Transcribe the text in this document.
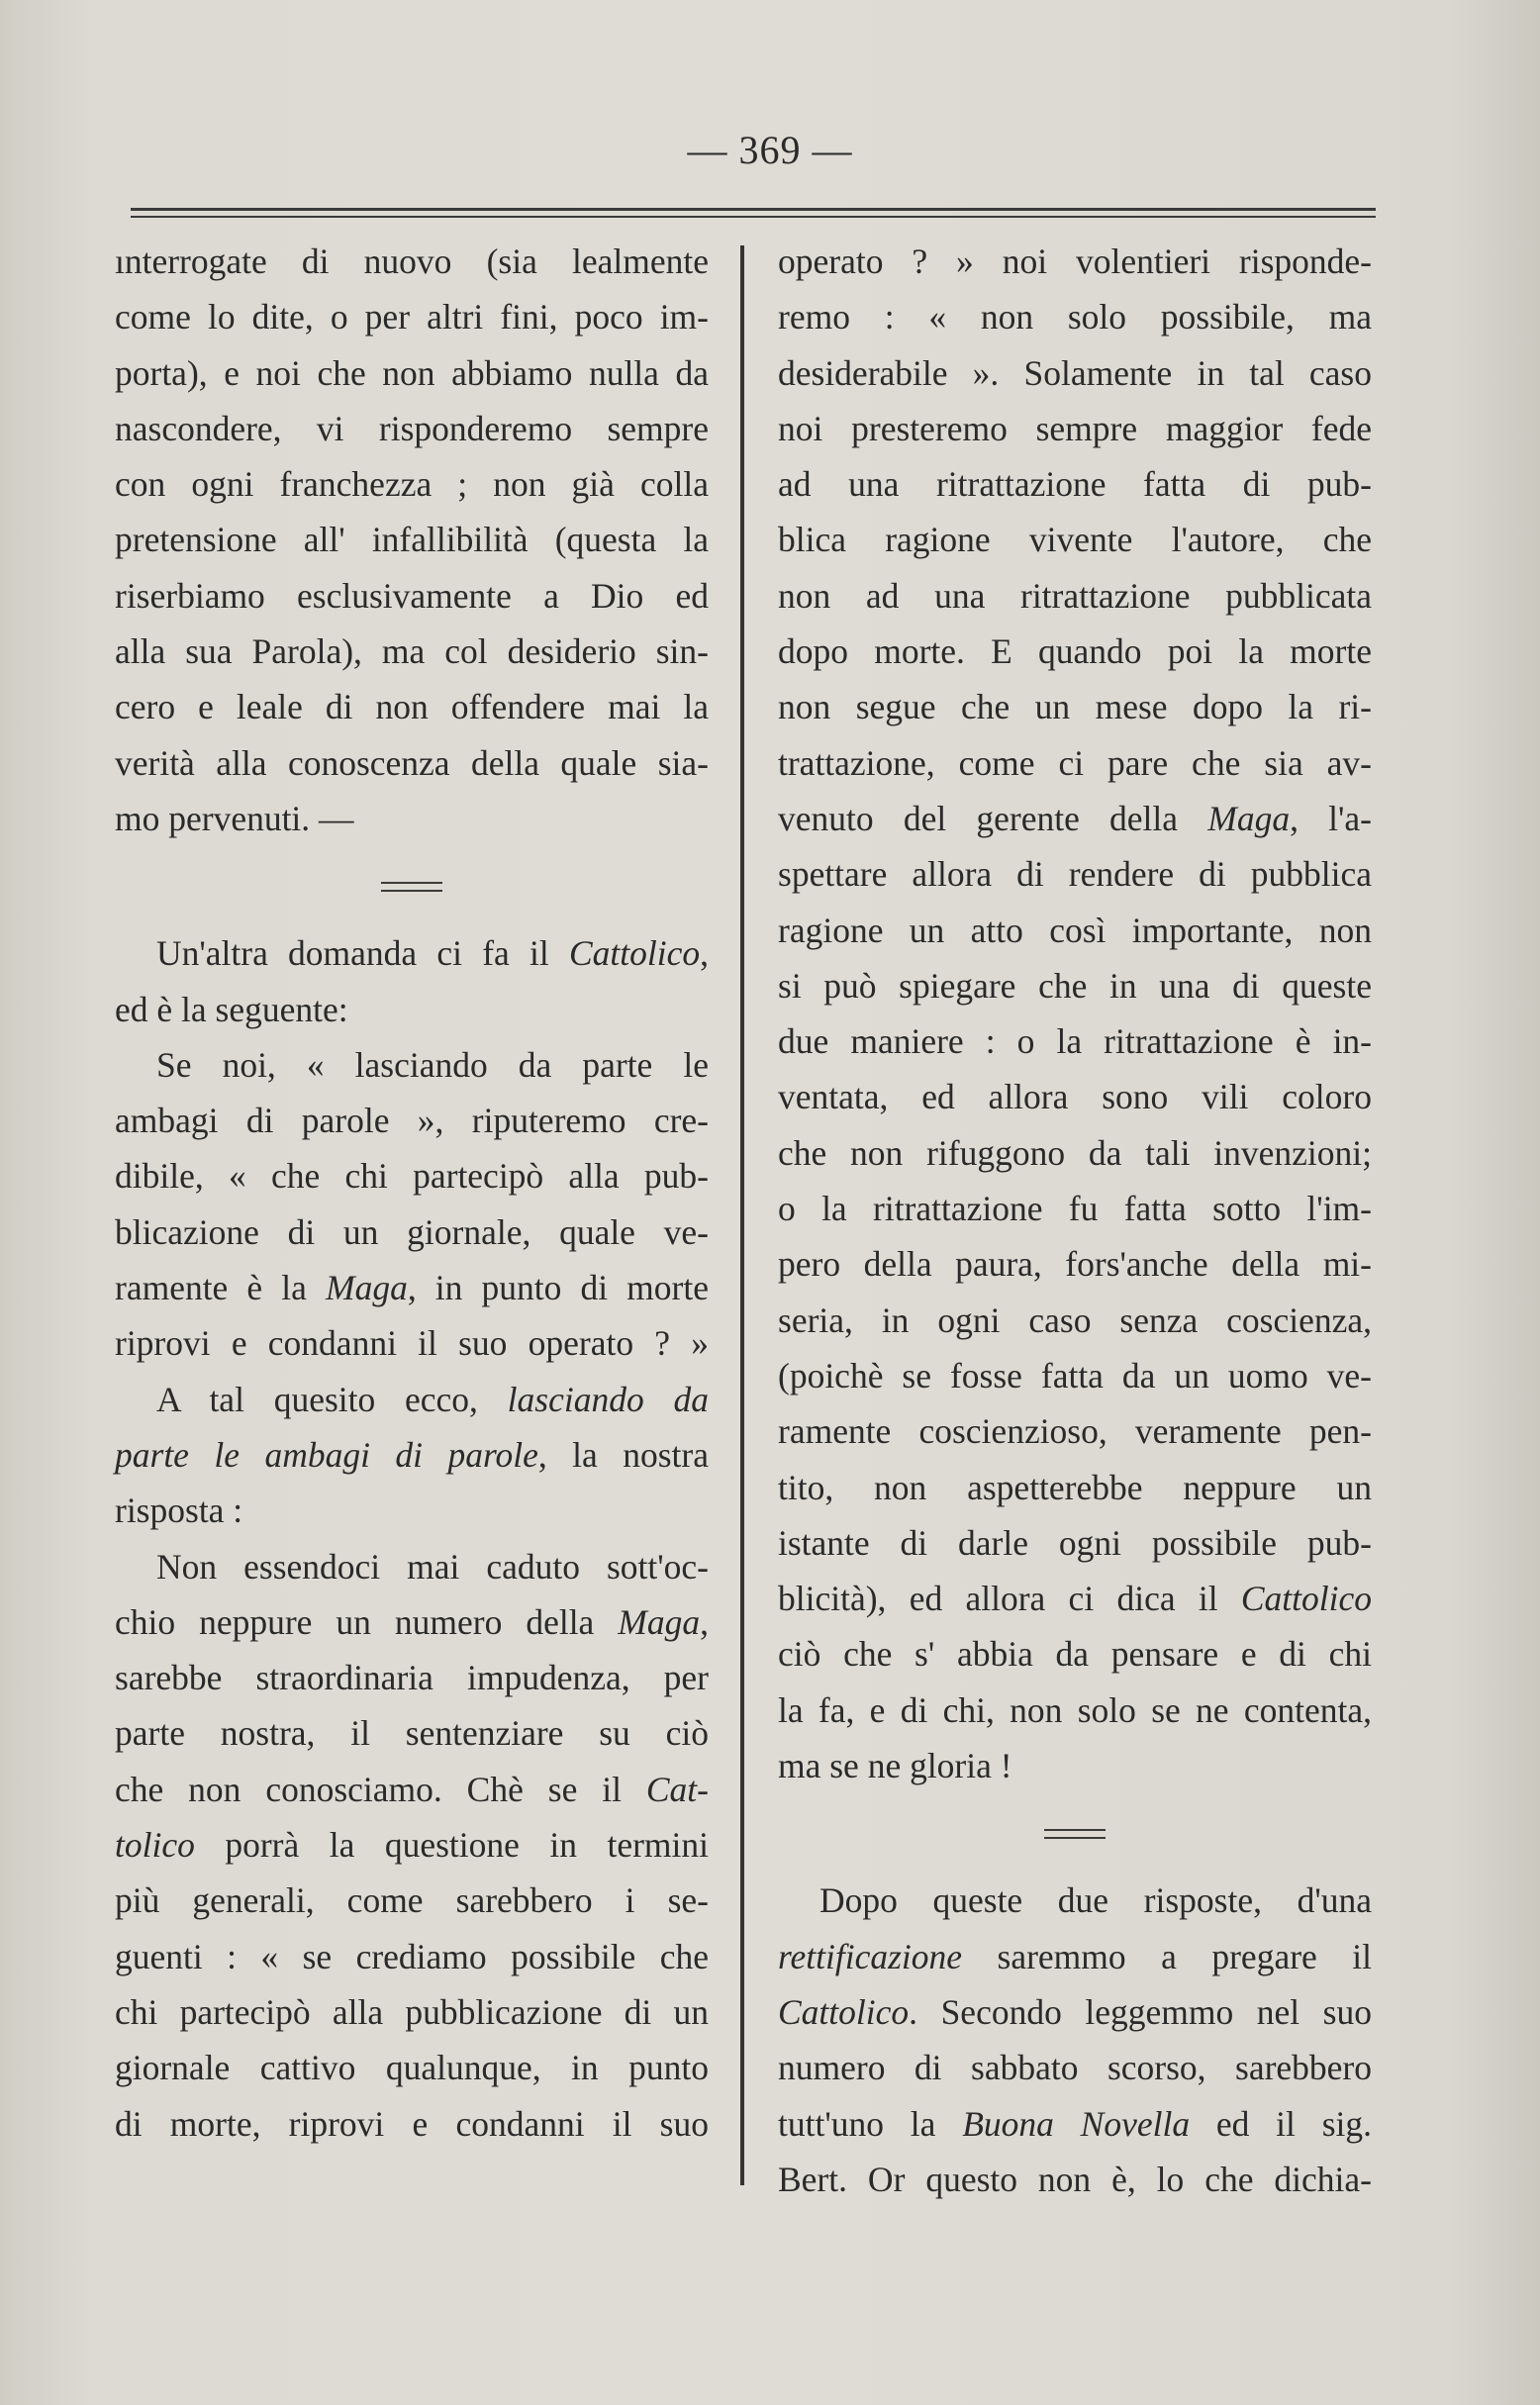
— 369 —
ınterrogate di nuovo (sia lealmente
come lo dite, o per altri fini, poco im-
porta), e noi che non abbiamo nulla da
nascondere, vi risponderemo sempre
con ogni franchezza ; non già colla
pretensione all' infallibilità (questa la
riserbiamo esclusivamente a Dio ed
alla sua Parola), ma col desiderio sin-
cero e leale di non offendere mai la
verità alla conoscenza della quale sia-
mo pervenuti. —
Un'altra domanda ci fa il Cattolico,
ed è la seguente:
Se noi, « lasciando da parte le
ambagi di parole », riputeremo cre-
dibile, « che chi partecipò alla pub-
blicazione di un giornale, quale ve-
ramente è la Maga, in punto di morte
riprovi e condanni il suo operato ? »
A tal quesito ecco, lasciando da
parte le ambagi di parole, la nostra
risposta :
Non essendoci mai caduto sott'oc-
chio neppure un numero della Maga,
sarebbe straordinaria impudenza, per
parte nostra, il sentenziare su ciò
che non conosciamo. Chè se il Cat-
tolico porrà la questione in termini
più generali, come sarebbero i se-
guenti : « se crediamo possibile che
chi partecipò alla pubblicazione di un
giornale cattivo qualunque, in punto
di morte, riprovi e condanni il suo
operato ? » noi volentieri risponde-
remo : « non solo possibile, ma
desiderabile ». Solamente in tal caso
noi presteremo sempre maggior fede
ad una ritrattazione fatta di pub-
blica ragione vivente l'autore, che
non ad una ritrattazione pubblicata
dopo morte. E quando poi la morte
non segue che un mese dopo la ri-
trattazione, come ci pare che sia av-
venuto del gerente della Maga, l'a-
spettare allora di rendere di pubblica
ragione un atto così importante, non
si può spiegare che in una di queste
due maniere : o la ritrattazione è in-
ventata, ed allora sono vili coloro
che non rifuggono da tali invenzioni;
o la ritrattazione fu fatta sotto l'im-
pero della paura, fors'anche della mi-
seria, in ogni caso senza coscienza,
(poichè se fosse fatta da un uomo ve-
ramente coscienzioso, veramente pen-
tito, non aspetterebbe neppure un
istante di darle ogni possibile pub-
blicità), ed allora ci dica il Cattolico
ciò che s' abbia da pensare e di chi
la fa, e di chi, non solo se ne contenta,
ma se ne gloria !
Dopo queste due risposte, d'una
rettificazione saremmo a pregare il
Cattolico. Secondo leggemmo nel suo
numero di sabbato scorso, sarebbero
tutt'uno la Buona Novella ed il sig.
Bert. Or questo non è, lo che dichia-
